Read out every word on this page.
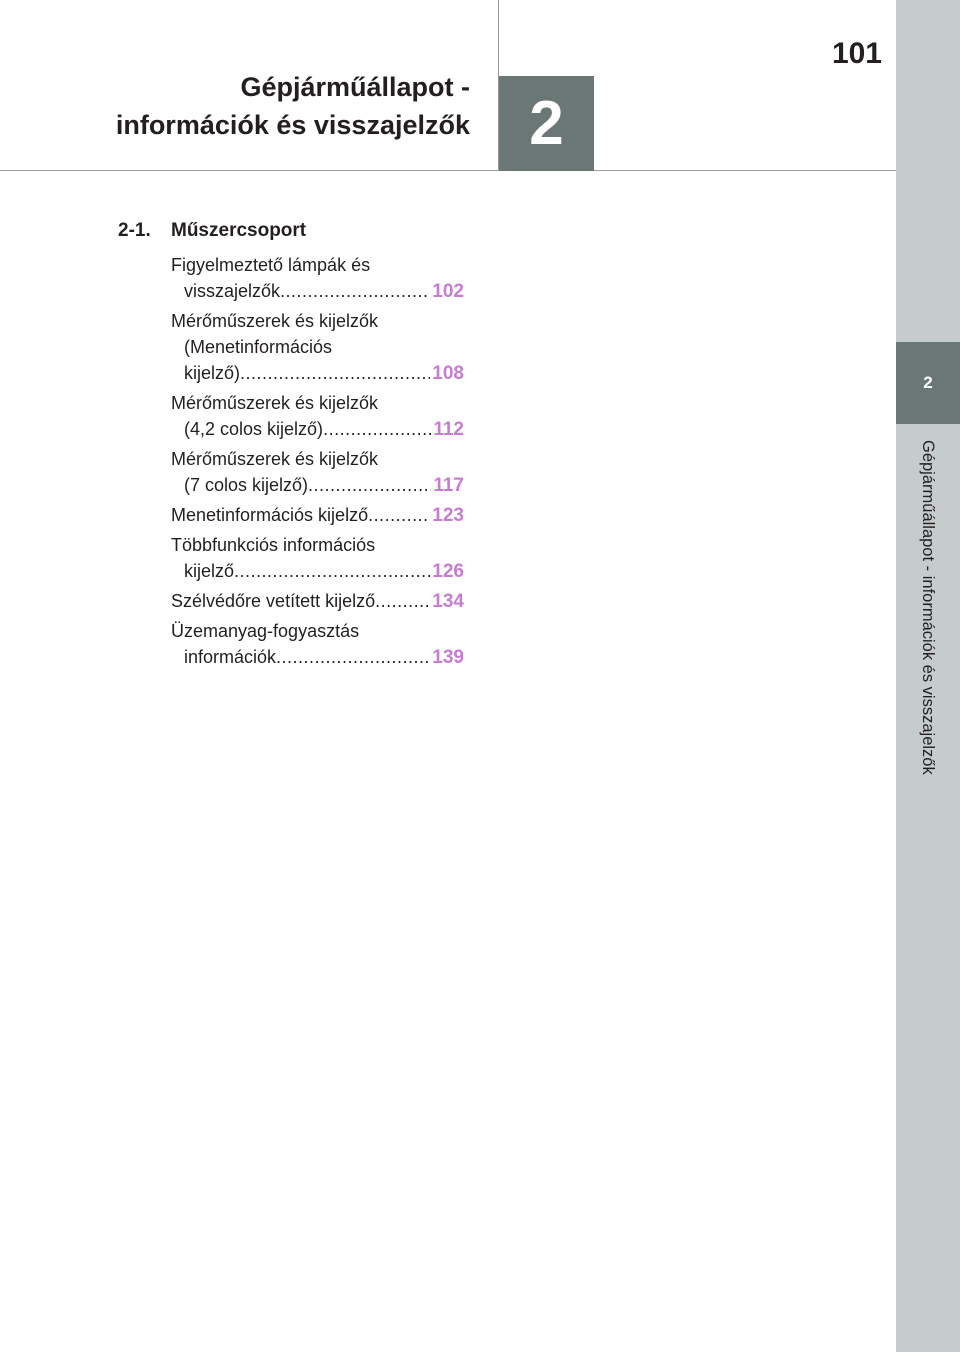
Gépjárműállapot -
információk és visszajelzők 2
101
2
Gépjárműállapot - információk és visszajelzők
2-1. Műszercsoport
Figyelmeztető lámpák és
visszajelzők .....	102
Mérőműszerek és kijelzők
(Menetinformációs
kijelző) .....	108
Mérőműszerek és kijelzők
(4,2 colos kijelző) .....	112
Mérőműszerek és kijelzők
(7 colos kijelző) .....	117
Menetinformációs kijelző .....	123
Többfunkciós információs
kijelző .....	126
Szélvédőre vetített kijelző .....	134
Üzemanyag-fogyasztás
információk .....	139
